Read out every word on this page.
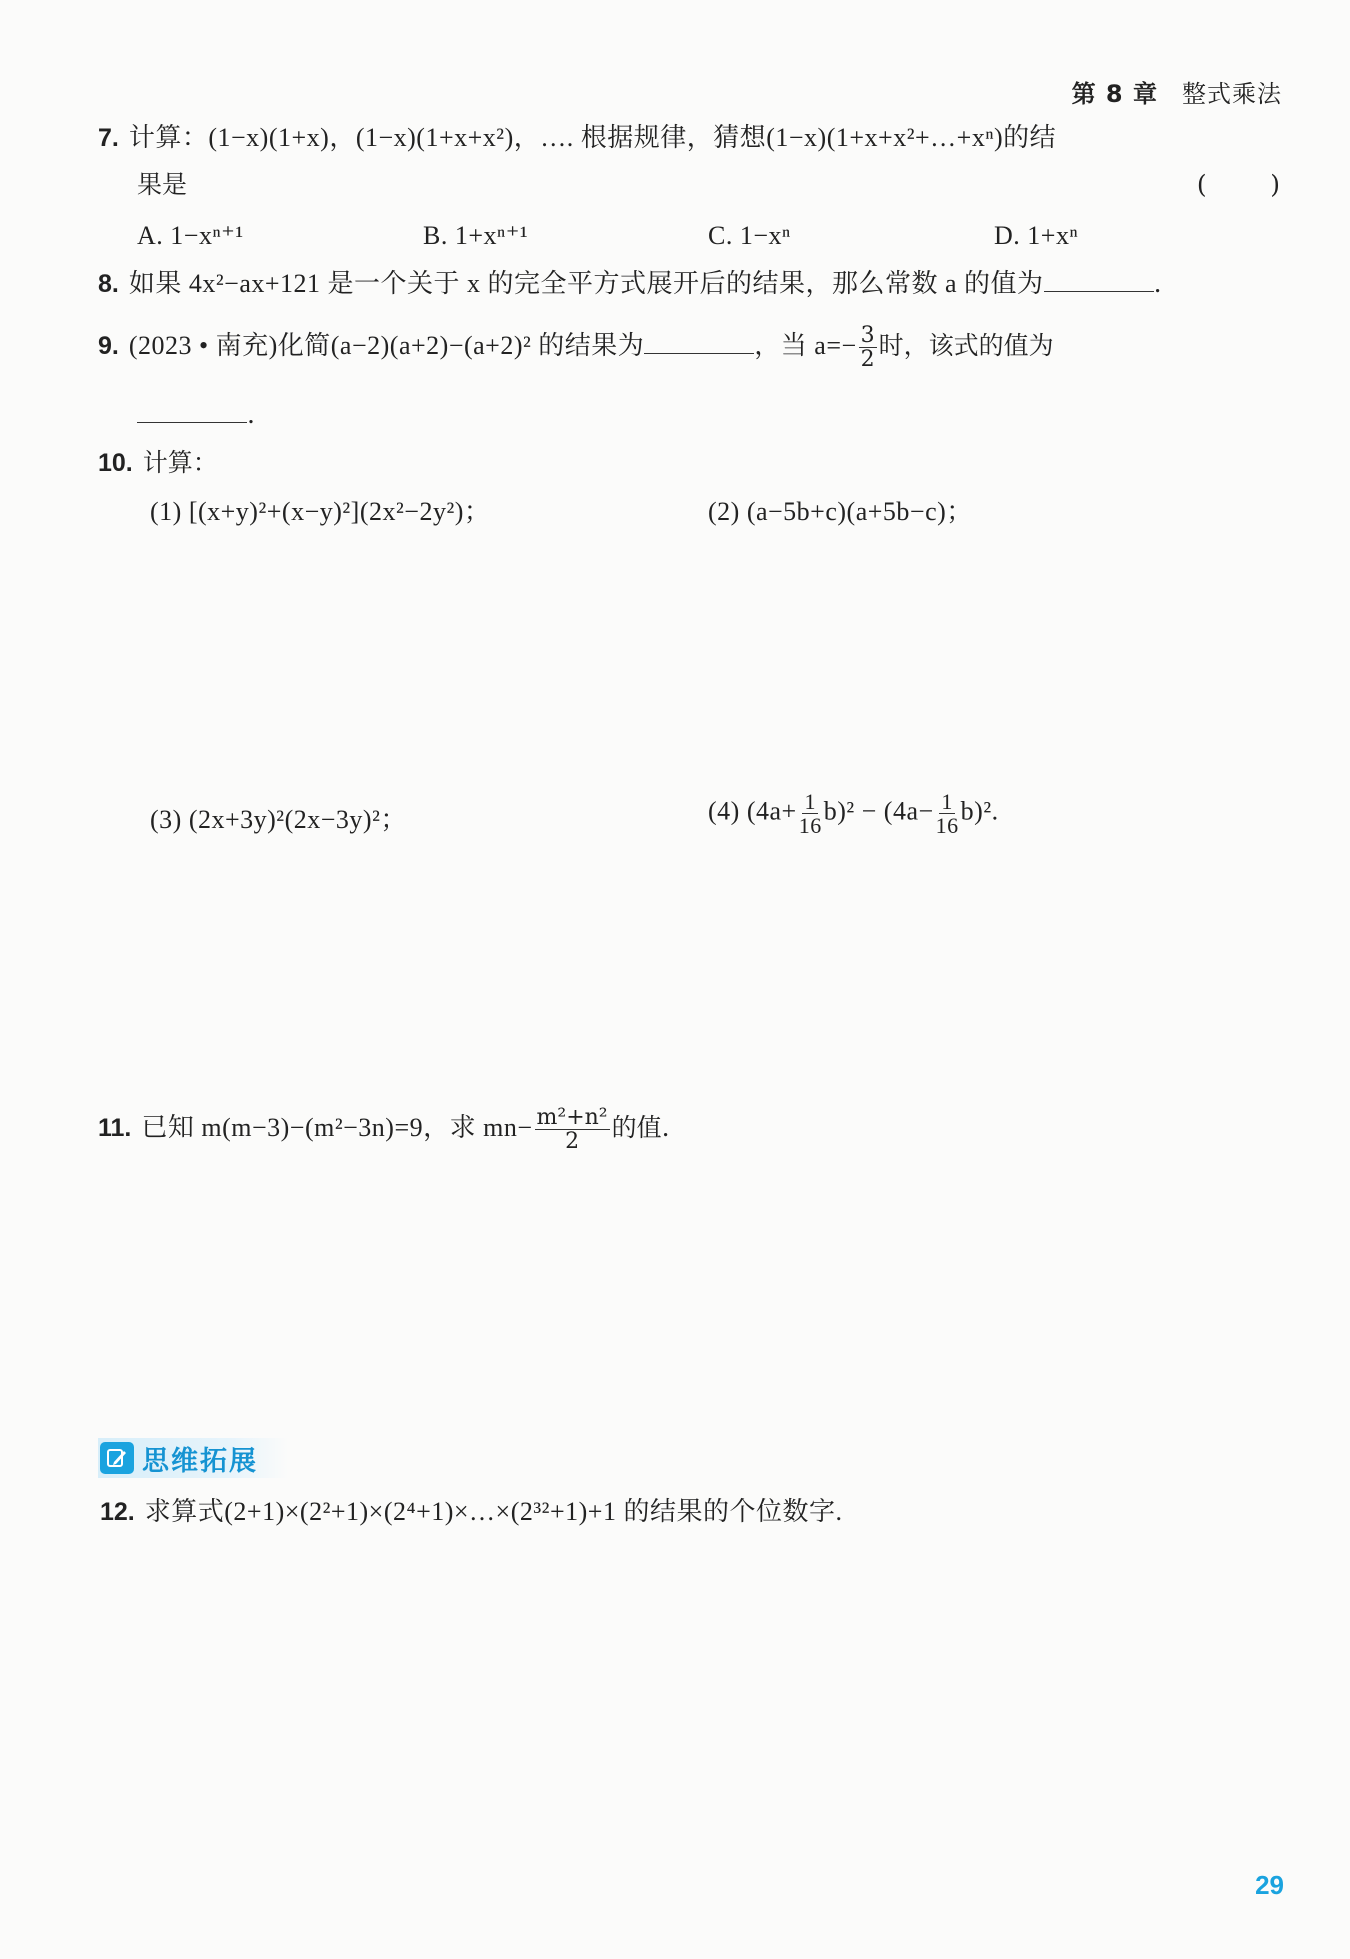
第 8 章 整式乘法
7. 计算：(1−x)(1+x)，(1−x)(1+x+x²)，…. 根据规律，猜想(1−x)(1+x+x²+…+xⁿ)的结
果是	(        )
A. 1−xⁿ⁺¹	B. 1+xⁿ⁺¹	C. 1−xⁿ	D. 1+xⁿ
8. 如果 4x²−ax+121 是一个关于 x 的完全平方式展开后的结果，那么常数 a 的值为	.
9. (2023 • 南充)化简(a−2)(a+2)−(a+2)² 的结果为	，当 $a=- \frac{3}{2}$ 时，该式的值为
.
10. 计算：
(1) [(x+y)²+(x−y)²](2x²−2y²)；	(2) (a−5b+c)(a+5b−c)；
(3) (2x+3y)²(2x−3y)²；	(4) $(4a+ \frac{1}{16} b)^2 - (4a- \frac{1}{16} b)^2$.
11. 已知 m(m−3)−(m²−3n)=9，求 $mn- \frac{\text{m²+n²}}{2}$ 的值.
思维拓展
12. 求算式(2+1)×(2²+1)×(2⁴+1)×…×(2³²+1)+1 的结果的个位数字.
29
